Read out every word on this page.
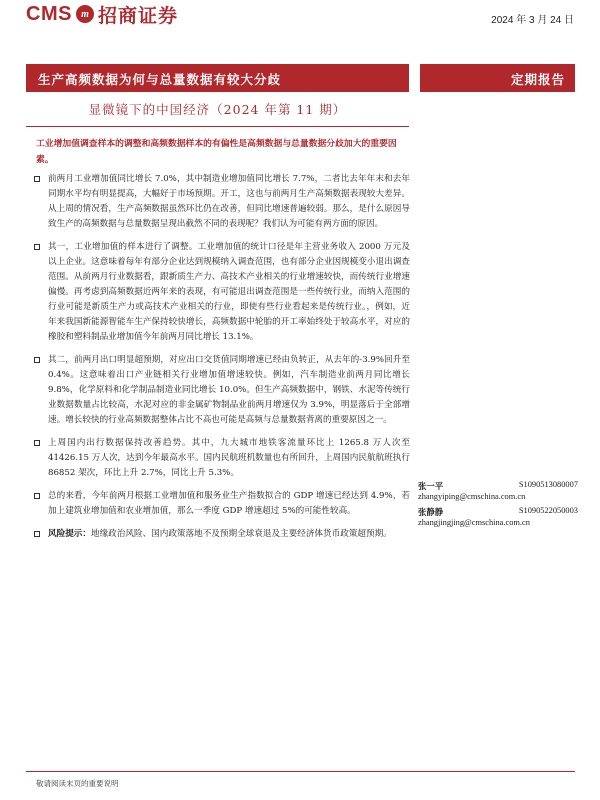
CMS m 招商证券	2024 年 3 月 24 日
生产高频数据为何与总量数据有较大分歧	定期报告
显微镜下的中国经济（2024 年第 11 期）
工业增加值调查样本的调整和高频数据样本的有偏性是高频数据与总量数据分歧加大的重要因素。
前两月工业增加值同比增长 7.0%，其中制造业增加值同比增长 7.7%，二者比去年年末和去年同期水平均有明显提高，大幅好于市场预期。开工，这也与前两月生产高频数据表现较大差异。从上周的情况看，生产高频数据虽然环比仍在改善，但同比增速普遍较弱。那么，是什么原因导致生产的高频数据与总量数据呈现出截然不同的表现呢？我们认为可能有两方面的原因。
其一，工业增加值的样本进行了调整。工业增加值的统计口径是年主营业务收入 2000 万元及以上企业。这意味着每年有部分企业达到规模纳入调查范围，也有部分企业因规模变小退出调查范围。从前两月行业数据看，跟新质生产力、高技术产业相关的行业增速较快，而传统行业增速偏慢。再考虑到高频数据近两年来的表现，有可能退出调查范围是一些传统行业，而纳入范围的行业可能是新质生产力或高技术产业相关的行业，即使有些行业看起来是传统行业。，例如，近年来我国新能源智能车生产保持较快增长，高频数据中轮胎的开工率始终处于较高水平，对应的橡胶和塑料制品业增加值今年前两月同比增长 13.1%。
其二，前两月出口明显超预期，对应出口交货值同期增速已经由负转正，从去年的-3.9%回升至 0.4%。这意味着出口产业链相关行业增加值增速较快。例如，汽车制造业前两月同比增长 9.8%，化学原料和化学制品制造业同比增长 10.0%。但生产高频数据中，钢铁、水泥等传统行业数据数量占比较高，水泥对应的非金属矿物制品业前两月增速仅为 3.9%，明显落后于全部增速。增长较快的行业高频数据整体占比不高也可能是高频与总量数据背离的重要原因之一。
上周国内出行数据保持改善趋势。其中，九大城市地铁客流量环比上 1265.8 万人次至 41426.15 万人次，达到今年最高水平。国内民航班机数量也有所回升，上周国内民航航班执行 86852 架次，环比上升 2.7%，同比上升 5.3%。
总的来看，今年前两月根据工业增加值和服务业生产指数拟合的 GDP 增速已经达到 4.9%，若加上建筑业增加值和农业增加值，那么一季度 GDP 增速超过 5%的可能性较高。
风险提示：地缘政治风险、国内政策落地不及预期全球衰退及主要经济体货币政策超预期。
张一平	S1090513080007
zhangyiping@cmschina.com.cn
张静静	S1090522050003
zhangjingjing@cmschina.com.cn
敬请阅读末页的重要说明
